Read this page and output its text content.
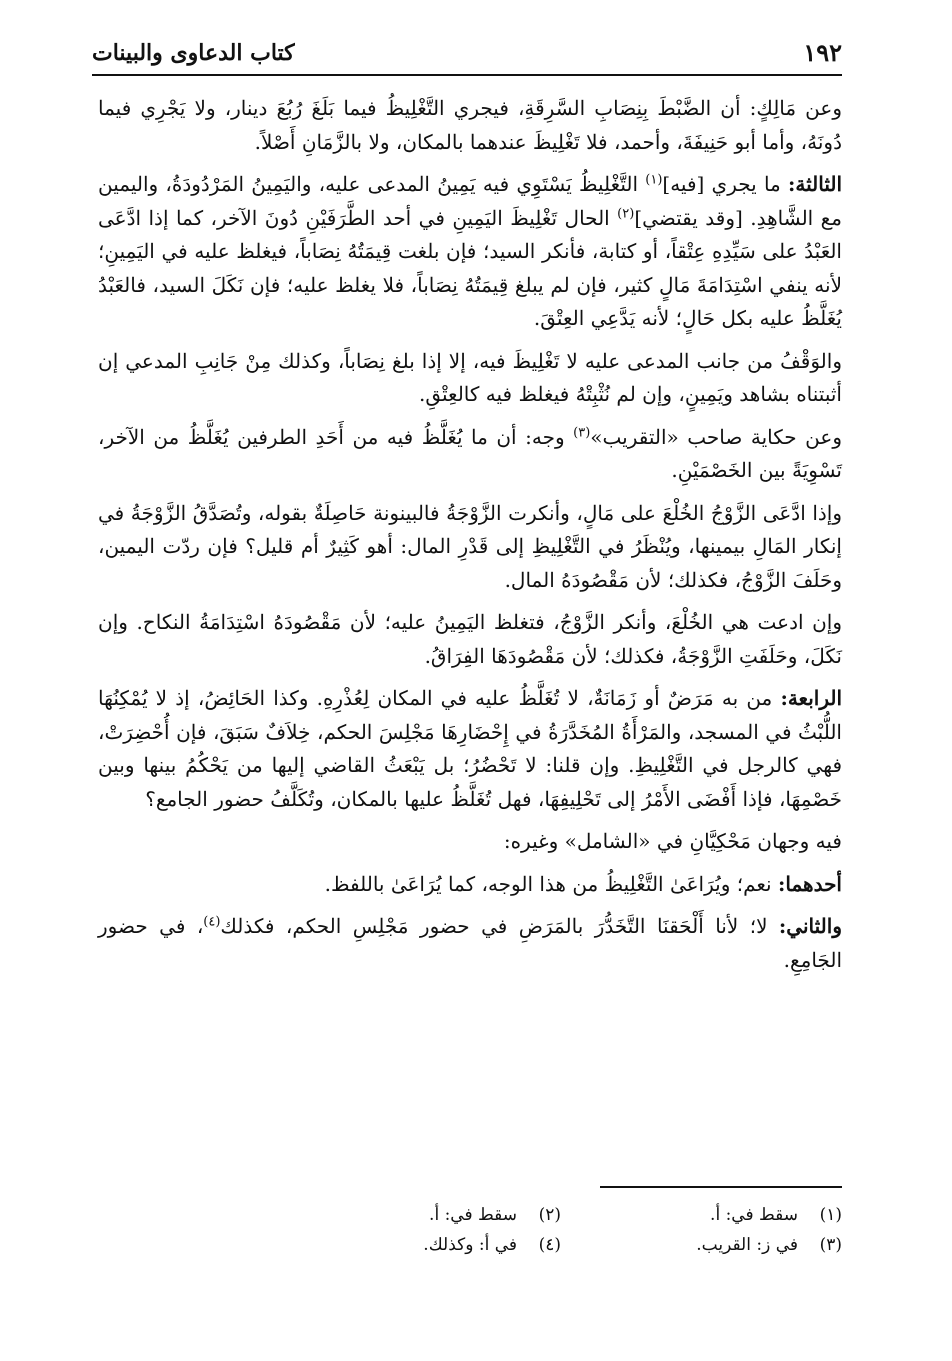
١٩٢
كتاب الدعاوى والبينات

وعن مَالِكٍ: أن الضَّبْطَ بِنِصَابِ السَّرِقَةِ، فيجري التَّغْلِيظُ فيما بَلَغَ رُبُعَ دينار، ولا يَجْرِي فيما دُونَهُ، وأما أبو حَنِيفَةَ، وأحمد، فلا تَغْلِيظَ عندهما بالمكان، ولا بالزَّمَانِ أَصْلاً.

الثالثة: ما يجري [فيه]$^{(١)}$ التَّغْلِيظُ يَسْتَوِي فيه يَمِينُ المدعى عليه، واليَمِينُ المَرْدُودَةُ، واليمين مع الشَّاهِدِ. [وقد يقتضي]$^{(٢)}$ الحال تَغْلِيظَ اليَمِينِ في أحد الطَّرَفَيْنِ دُونَ الآخر، كما إذا ادَّعَى العَبْدُ على سَيِّدِهِ عِتْقاً، أو كتابة، فأنكر السيد؛ فإن بلغت قِيمَتُهُ نِصَاباً، فيغلظ عليه في اليَمِينِ؛ لأنه ينفي اسْتِدَامَةَ مَالٍ كثير، فإن لم يبلغ قِيمَتُهُ نِصَاباً، فلا يغلظ عليه؛ فإن نَكَلَ السيد، فالعَبْدُ يُغَلَّظُ عليه بكل حَالٍ؛ لأنه يَدَّعِي العِتْقَ.

والوَقْفُ من جانب المدعى عليه لا تَغْلِيظَ فيه، إلا إذا بلغ نِصَاباً، وكذلك مِنْ جَانِبِ المدعي إن أثبتناه بشاهد ويَمِينٍ، وإن لم نُثْبِتْهُ فيغلظ فيه كالعِتْقِ.

وعن حكاية صاحب «التقريب»$^{(٣)}$ وجه: أن ما يُغَلَّظُ فيه من أَحَدِ الطرفين يُغَلَّظُ من الآخر، تَسْوِيَةً بين الخَصْمَيْنِ.

وإذا ادَّعَى الزَّوْجُ الخُلْعَ على مَالٍ، وأنكرت الزَّوْجَةُ فالبينونة حَاصِلَةٌ بقوله، وتُصَدَّقُ الزَّوْجَةُ في إنكار المَالِ بيمينها، ويُنْظَرُ في التَّغْلِيظِ إلى قَدْرِ المال: أهو كَثِيرٌ أم قليل؟ فإن ردّت اليمين، وحَلَفَ الزَّوْجُ، فكذلك؛ لأن مَقْصُودَهُ المال.

وإن ادعت هي الخُلْعَ، وأنكر الزَّوْجُ، فتغلظ اليَمِينُ عليه؛ لأن مَقْصُودَهُ اسْتِدَامَةُ النكاح. وإن نَكَلَ، وحَلَفَتِ الزَّوْجَةُ، فكذلك؛ لأن مَقْصُودَهَا الفِرَاقُ.

الرابعة: من به مَرَضٌ أو زَمَانَةٌ، لا تُغَلَّظُ عليه في المكان لِعُذْرِهِ. وكذا الحَائِضُ، إذ لا يُمْكِنُهَا اللُّبْثُ في المسجد، والمَرْأَةُ المُخَدَّرَةُ في إِحْضَارِهَا مَجْلِسَ الحكم، خِلاَفٌ سَبَقَ، فإن أُحْضِرَتْ، فهي كالرجل في التَّغْلِيظِ. وإن قلنا: لا تَحْضُرُ؛ بل يَبْعَثُ القاضي إليها من يَحْكُمُ بينها وبين خَصْمِهَا، فإذا أَفْضَى الأَمْرُ إلى تَحْلِيفِهَا، فهل تُغَلَّظُ عليها بالمكان، وتُكَلَّفُ حضور الجامع؟

فيه وجهان مَحْكِيَّانِ في «الشامل» وغيره:

أحدهما: نعم؛ ويُرَاعَىٰ التَّغْلِيظُ من هذا الوجه، كما يُرَاعَىٰ باللفظ.

والثاني: لا؛ لأنا أَلْحَقنَا التَّخَدُّرَ بالمَرَضِ في حضور مَجْلِسِ الحكم، فكذلك$^{(٤)}$، في حضور الجَامِعِ.

(١)
سقط في: أ.
(٢)
سقط في: أ.
(٣)
في ز: القريب.
(٤)
في أ: وكذلك.
